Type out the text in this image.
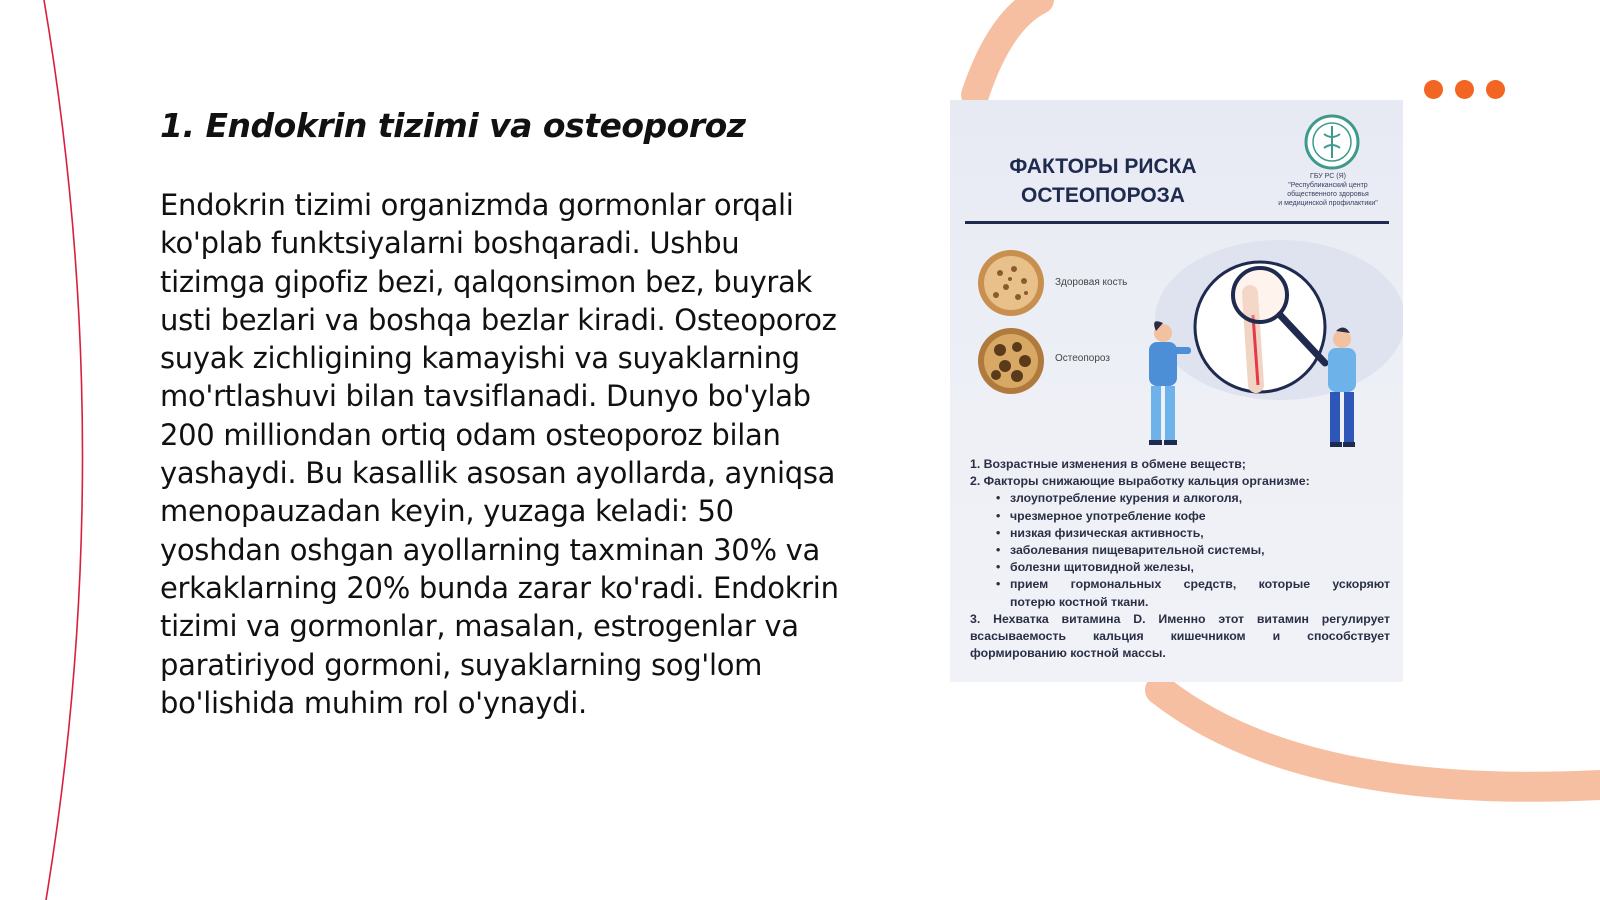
1. Endokrin tizimi va osteoporoz

Endokrin tizimi organizmda gormonlar orqali ko'plab funktsiyalarni boshqaradi. Ushbu tizimga gipofiz bezi, qalqonsimon bez, buyrak usti bezlari va boshqa bezlar kiradi. Osteoporoz suyak zichligining kamayishi va suyaklarning mo'rtlashuvi bilan tavsiflanadi. Dunyo bo'ylab 200 milliondan ortiq odam osteoporoz bilan yashaydi. Bu kasallik asosan ayollarda, ayniqsa menopauzadan keyin, yuzaga keladi: 50 yoshdan oshgan ayollarning taxminan 30% va erkaklarning 20% bunda zarar ko'radi. Endokrin tizimi va gormonlar, masalan, estrogenlar va paratiriyod gormoni, suyaklarning sog'lom bo'lishida muhim rol o'ynaydi.

ФАКТОРЫ РИСКА
ОСТЕОПОРОЗА

ГБУ РС (Я)
"Республиканский центр
общественного здоровья
и медицинской профилактики"

Здоровая кость
Остеопороз
1. Возрастные изменения в обмене веществ;
2. Факторы снижающие выработку кальция организме:
• злоупотребление курения и алкоголя,
• чрезмерное употребление кофе
• низкая физическая активность,
• заболевания пищеварительной системы,
• болезни щитовидной железы,
• прием гормональных средств, которые ускоряют
потерю костной ткани.
3. Нехватка витамина D. Именно этот витамин регулирует
всасываемость кальция кишечником и способствует
формированию костной массы.
